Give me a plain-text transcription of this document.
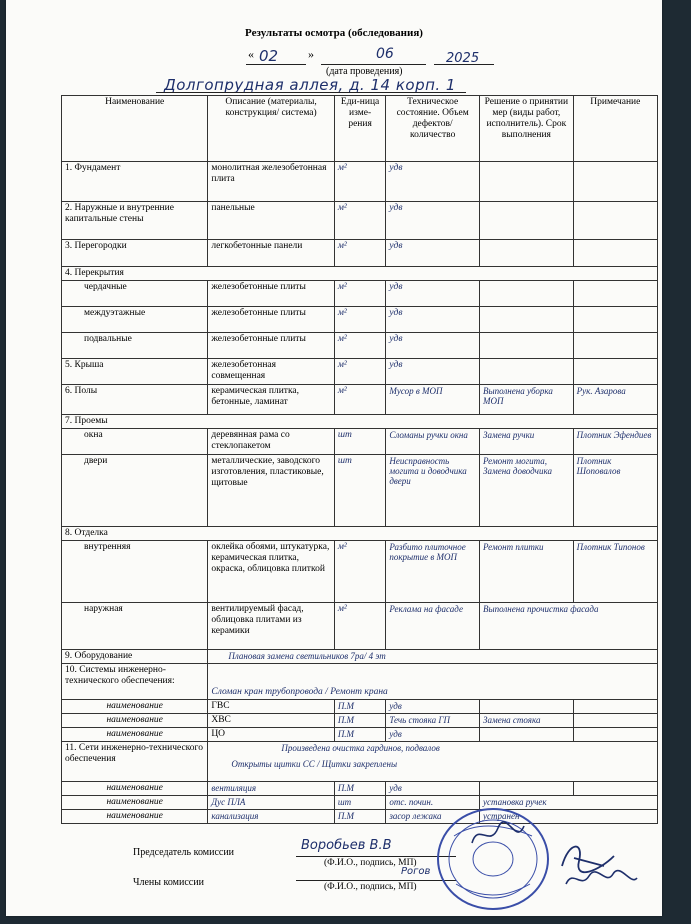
Результаты осмотра (обследования)
« 02 »	06	2025
(дата проведения)
Долгопрудная аллея, д. 14 корп. 1
Наименование	Описание (материалы, конструкция/ система)	Еди-ница изме-рения	Техническое состояние. Объем дефектов/ количество	Решение о принятии мер (виды работ, исполнитель). Срок выполнения	Примечание
1. Фундамент	монолитная железобетонная плита	м²	удв		
2. Наружные и внутренние капитальные стены	панельные	м²	удв		
3. Перегородки	легкобетонные панели	м²	удв		
4. Перекрытия					
чердачные	железобетонные плиты	м²	удв		
междуэтажные	железобетонные плиты	м²	удв		
подвальные	железобетонные плиты	м²	удв		
5. Крыша	железобетонная совмещенная	м²	удв		
6. Полы	керамическая плитка, бетонные, ламинат	м²	Мусор в МОП	Выполнена уборка МОП	Рук. Азарова
7. Проемы					
окна	деревянная рама со стеклопакетом	шт	Сломаны ручки окна	Замена ручки	Плотник Эфендиев
двери	металлические, заводского изготовления, пластиковые, щитовые	шт	Неисправность могита и доводчика двери	Ремонт могита, Замена доводчика	Плотник Шоповалов
8. Отделка					
внутренняя	оклейка обоями, штукатурка, керамическая плитка, окраска, облицовка плиткой	м²	Разбито плиточное покрытие в МОП	Ремонт плитки	Плотник Типонов
наружная	вентилируемый фасад, облицовка плитами из керамики	м²	Реклама на фасаде	Выполнена прочистка фасада	
9. Оборудование	Плановая замена светильников 7ра/ 4 эт				
10. Системы инженерно-технического обеспечения:	Сломан кран трубопровода / Ремонт крана				
наименование	ГВС	П.М	удв		
наименование	ХВС	П.М	Течь стояка ГП	Замена стояка	
наименование	ЦО	П.М	удв		
11. Сети инженерно-технического обеспечения	Произведена очистка гардинов, подвалов
Открыты щитки СС / Щитки закреплены				

наименование	вентиляция	П.М	удв		
наименование	Дус ПЛА	шт	отс. почин.	установка ручек	
наименование	канализация	П.М	засор лежака	устранен	
Председатель комиссии	Воробьев В.В
(Ф.И.О., подпись, МП)
Члены комиссии
Рогов
(Ф.И.О., подпись, МП)
